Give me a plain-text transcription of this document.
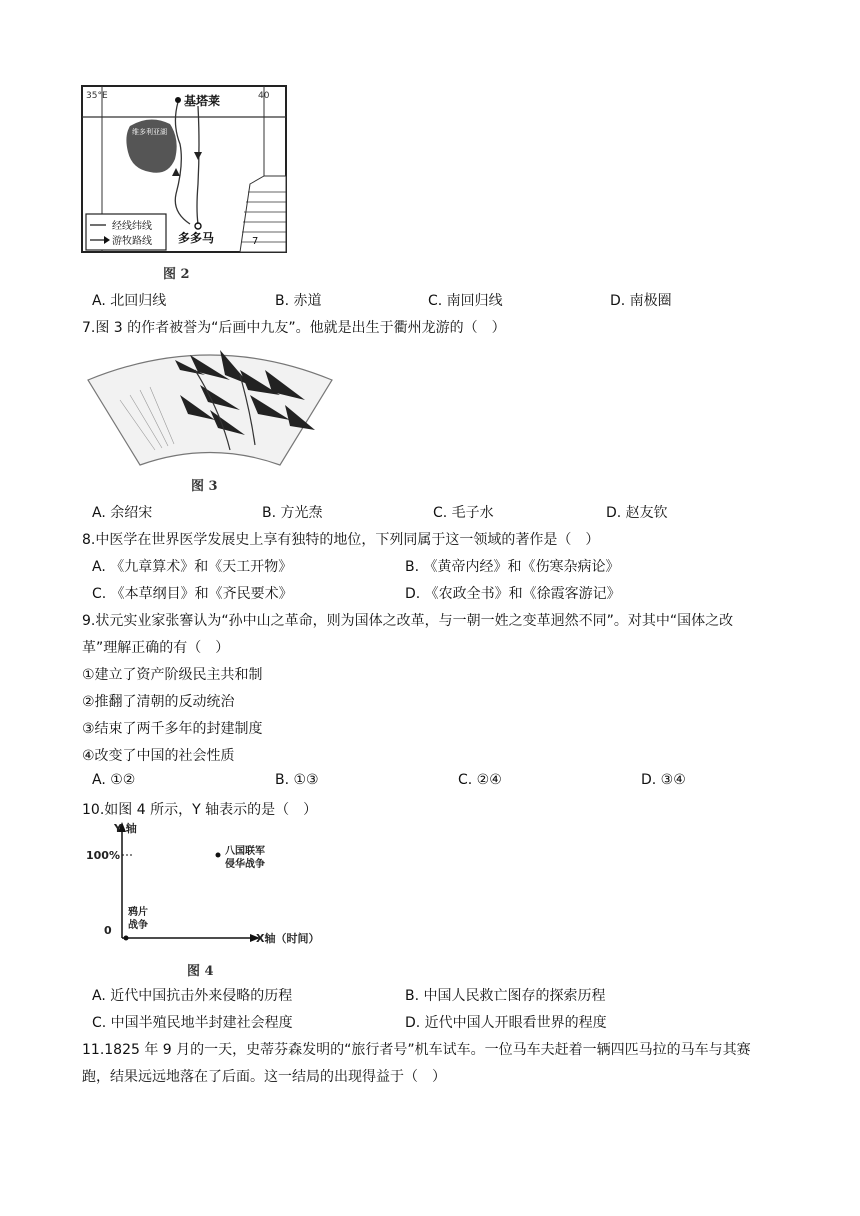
35°E	40
基塔莱
维多利亚湖
多多马	7
经线纬线
游牧路线
图 2
A. 北回归线	B. 赤道	C. 南回归线	D. 南极圈
7.图 3 的作者被誉为“后画中九友”。他就是出生于衢州龙游的（　）
图 3
A. 余绍宋	B. 方光焘	C. 毛子水	D. 赵友钦
8.中医学在世界医学发展史上享有独特的地位，下列同属于这一领域的著作是（　）
A. 《九章算术》和《天工开物》	B. 《黄帝内经》和《伤寒杂病论》
C. 《本草纲目》和《齐民要术》	D. 《农政全书》和《徐霞客游记》
9.状元实业家张謇认为“孙中山之革命，则为国体之改革，与一朝一姓之变革迥然不同”。对其中“国体之改
革”理解正确的有（　）
①建立了资产阶级民主共和制
②推翻了清朝的反动统治
③结束了两千多年的封建制度
④改变了中国的社会性质
A. ①②	B. ①③	C. ②④	D. ③④
10.如图 4 所示，Y 轴表示的是（　）
Y 轴
100%
0
八国联军
侵华战争
鸦片
战争
X轴（时间）
图 4
A. 近代中国抗击外来侵略的历程	B. 中国人民救亡图存的探索历程
C. 中国半殖民地半封建社会程度	D. 近代中国人开眼看世界的程度
11.1825 年 9 月的一天，史蒂芬森发明的“旅行者号”机车试车。一位马车夫赶着一辆四匹马拉的马车与其赛
跑，结果远远地落在了后面。这一结局的出现得益于（　）
